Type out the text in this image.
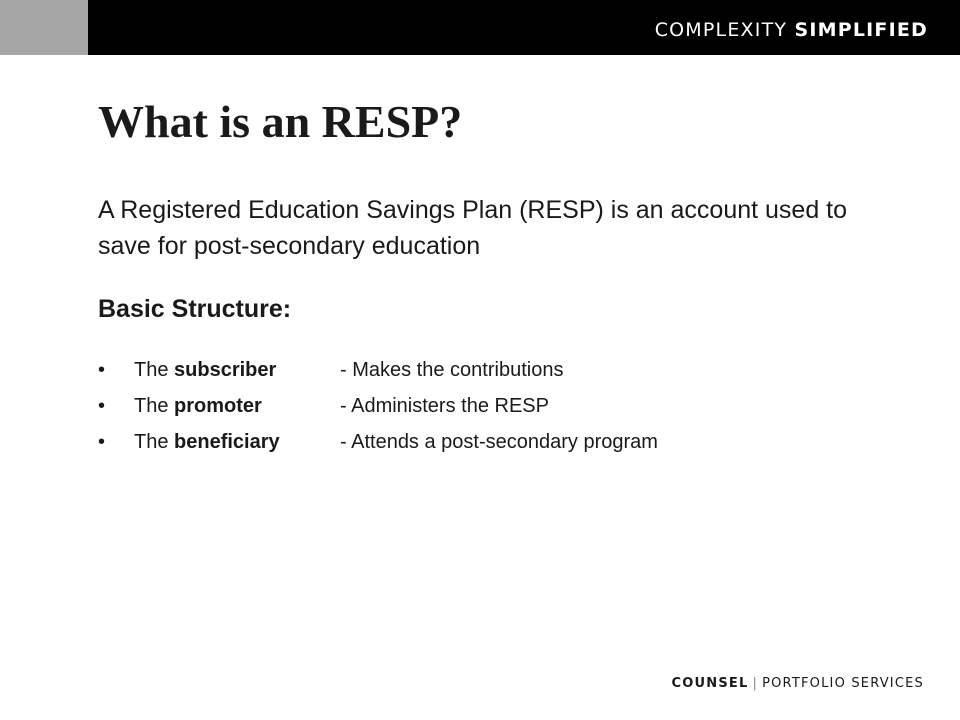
COMPLEXITY SIMPLIFIED
What is an RESP?

A Registered Education Savings Plan (RESP) is an account used to save for post-secondary education

Basic Structure:

•	The subscriber	- Makes the contributions
•	The promoter	- Administers the RESP
•	The beneficiary	- Attends a post-secondary program
COUNSEL | PORTFOLIO SERVICES
